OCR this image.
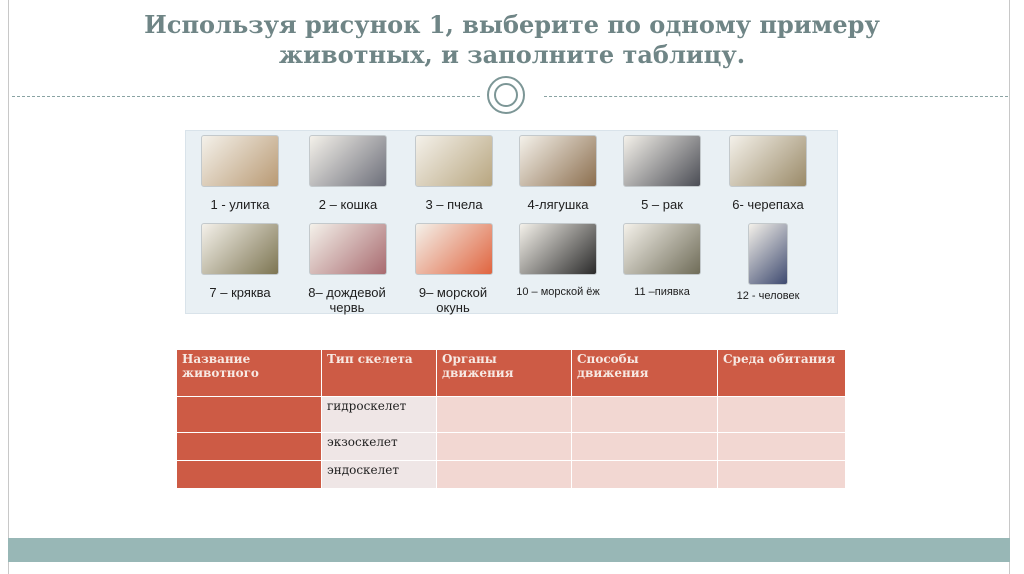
Используя рисунок 1, выберите по одному примеру
животных, и заполните таблицу.
1 - улитка	2 – кошка	3 – пчела	4-лягушка	5 – рак	6- черепаха
7 – кряква	8– дождевой червь
9– морской окунь
10 – морской ёж	11 –пиявка	12 - человек
Название животного	Тип скелета	Органы движения	Способы движения	Среда обитания
	гидроскелет			
	экзоскелет			
	эндоскелет			
